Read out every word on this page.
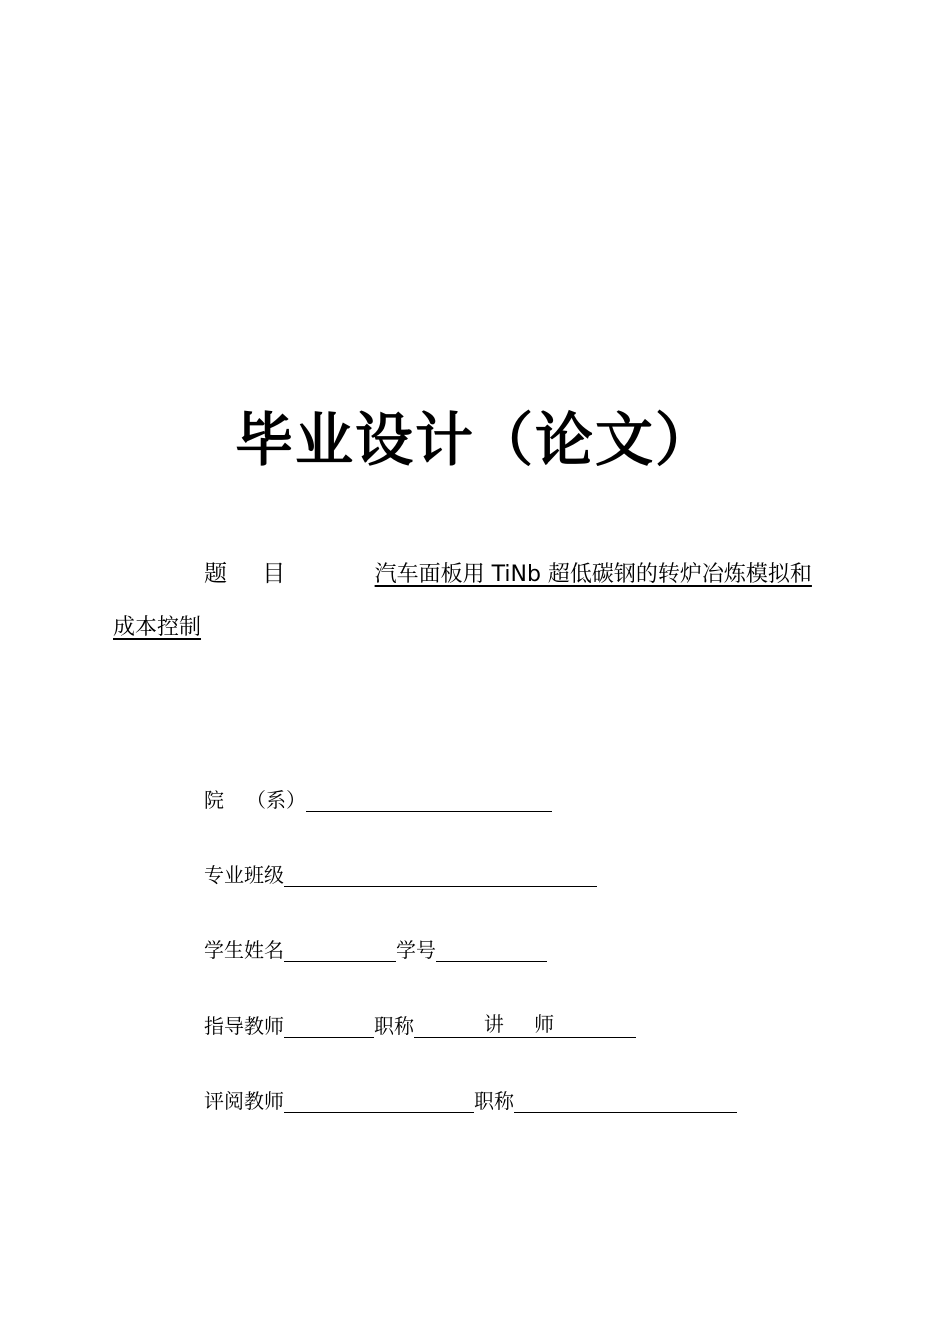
毕业设计（论文）
题 目	汽车面板用 TiNb 超低碳钢的转炉冶炼模拟和
成本控制
院（系）
专业班级
学生姓名	学号
指导教师	职称	讲 师
评阅教师	职称
